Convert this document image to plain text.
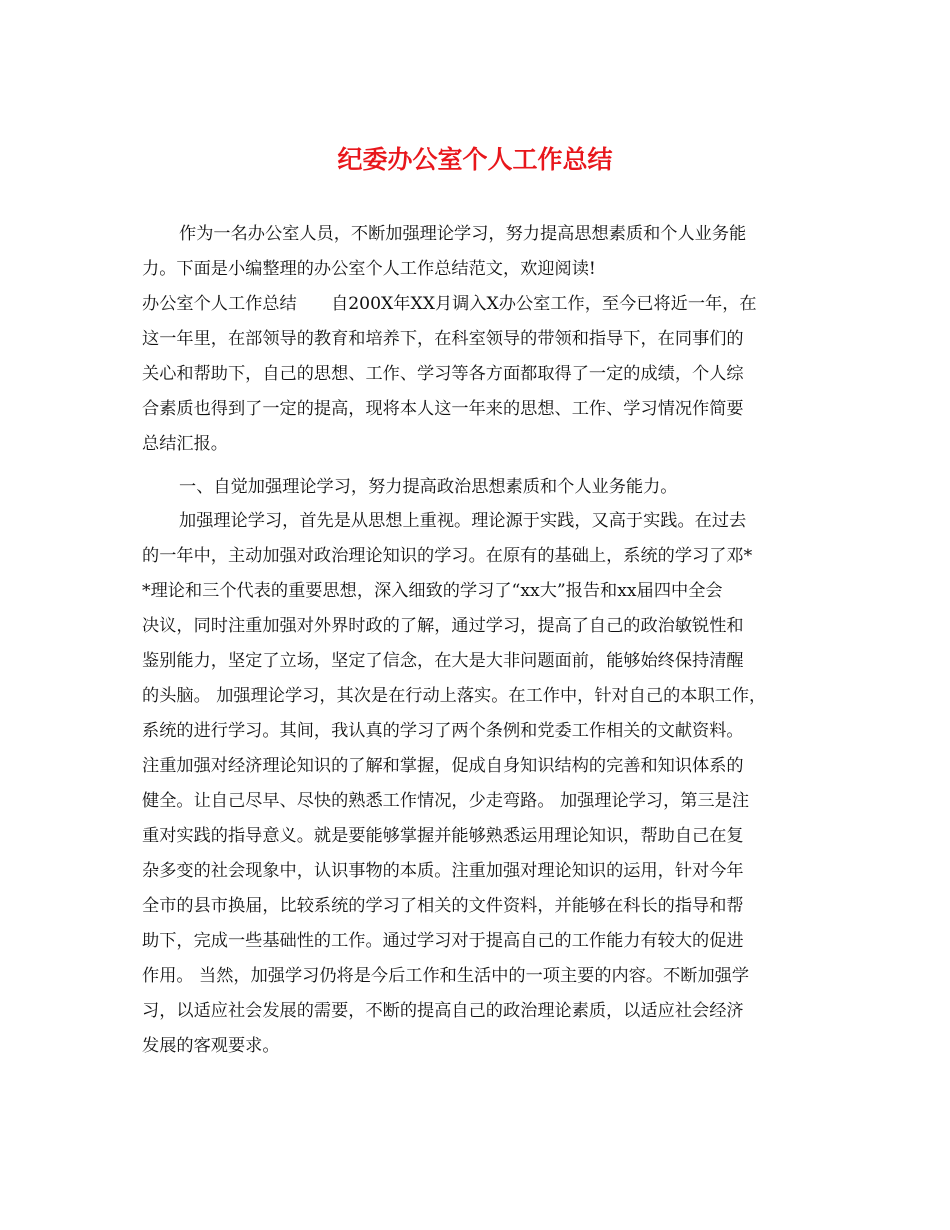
纪委办公室个人工作总结
作为一名办公室人员，不断加强理论学习，努力提高思想素质和个人业务能
力。下面是小编整理的办公室个人工作总结范文，欢迎阅读!
办公室个人工作总结　　自200X年XX月调入X办公室工作，至今已将近一年，在
这一年里，在部领导的教育和培养下，在科室领导的带领和指导下，在同事们的
关心和帮助下，自己的思想、工作、学习等各方面都取得了一定的成绩，个人综
合素质也得到了一定的提高，现将本人这一年来的思想、工作、学习情况作简要
总结汇报。
一、自觉加强理论学习，努力提高政治思想素质和个人业务能力。
加强理论学习，首先是从思想上重视。理论源于实践，又高于实践。在过去
的一年中，主动加强对政治理论知识的学习。在原有的基础上，系统的学习了邓*
*理论和三个代表的重要思想，深入细致的学习了“xx大”报告和xx届四中全会
决议，同时注重加强对外界时政的了解，通过学习，提高了自己的政治敏锐性和
鉴别能力，坚定了立场，坚定了信念，在大是大非问题面前，能够始终保持清醒
的头脑。 加强理论学习，其次是在行动上落实。在工作中，针对自己的本职工作，
系统的进行学习。其间，我认真的学习了两个条例和党委工作相关的文献资料。
注重加强对经济理论知识的了解和掌握，促成自身知识结构的完善和知识体系的
健全。让自己尽早、尽快的熟悉工作情况，少走弯路。 加强理论学习，第三是注
重对实践的指导意义。就是要能够掌握并能够熟悉运用理论知识，帮助自己在复
杂多变的社会现象中，认识事物的本质。注重加强对理论知识的运用，针对今年
全市的县市换届，比较系统的学习了相关的文件资料，并能够在科长的指导和帮
助下，完成一些基础性的工作。通过学习对于提高自己的工作能力有较大的促进
作用。 当然，加强学习仍将是今后工作和生活中的一项主要的内容。不断加强学
习，以适应社会发展的需要，不断的提高自己的政治理论素质，以适应社会经济
发展的客观要求。
